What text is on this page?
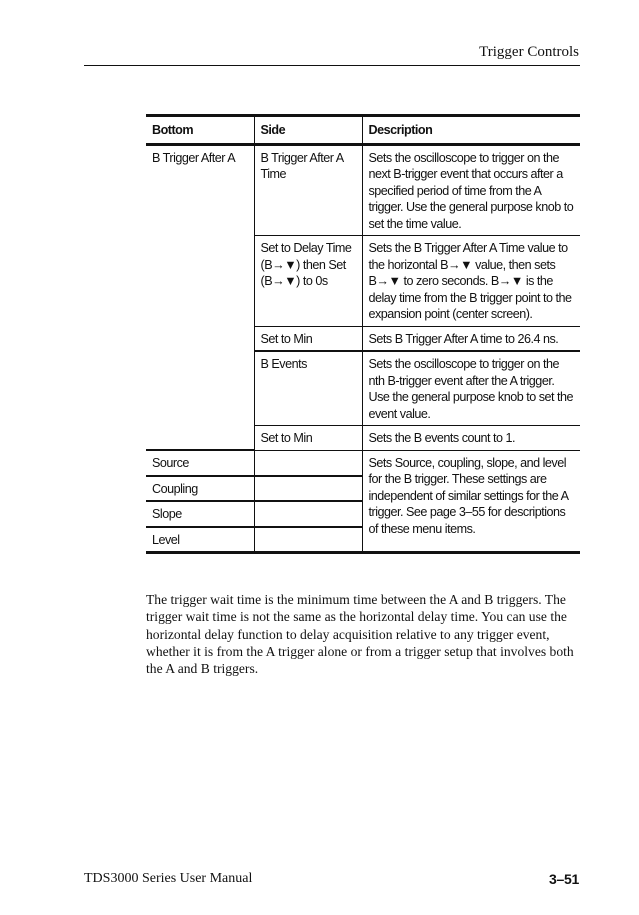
Trigger Controls
Bottom	Side	Description
B Trigger After A	B Trigger After A Time	Sets the oscilloscope to trigger on the next B-trigger event that occurs after a specified period of time from the A trigger. Use the general purpose knob to set the time value.
	Set to Delay Time (B→▼) then Set (B→▼) to 0s	Sets the B Trigger After A Time value to the horizontal B→▼ value, then sets B→▼ to zero seconds. B→▼ is the delay time from the B trigger point to the expansion point (center screen).
	Set to Min	Sets B Trigger After A time to 26.4 ns.
	B Events	Sets the oscilloscope to trigger on the nth B-trigger event after the A trigger. Use the general purpose knob to set the event value.
	Set to Min	Sets the B events count to 1.
Source		Sets Source, coupling, slope, and level for the B trigger. These settings are independent of similar settings for the A trigger. See page 3–55 for descriptions of these menu items.
Coupling		
Slope		
Level		

The trigger wait time is the minimum time between the A and B triggers. The trigger wait time is not the same as the horizontal delay time. You can use the horizontal delay function to delay acquisition relative to any trigger event, whether it is from the A trigger alone or from a trigger setup that involves both the A and B triggers.

TDS3000 Series User Manual	3–51
